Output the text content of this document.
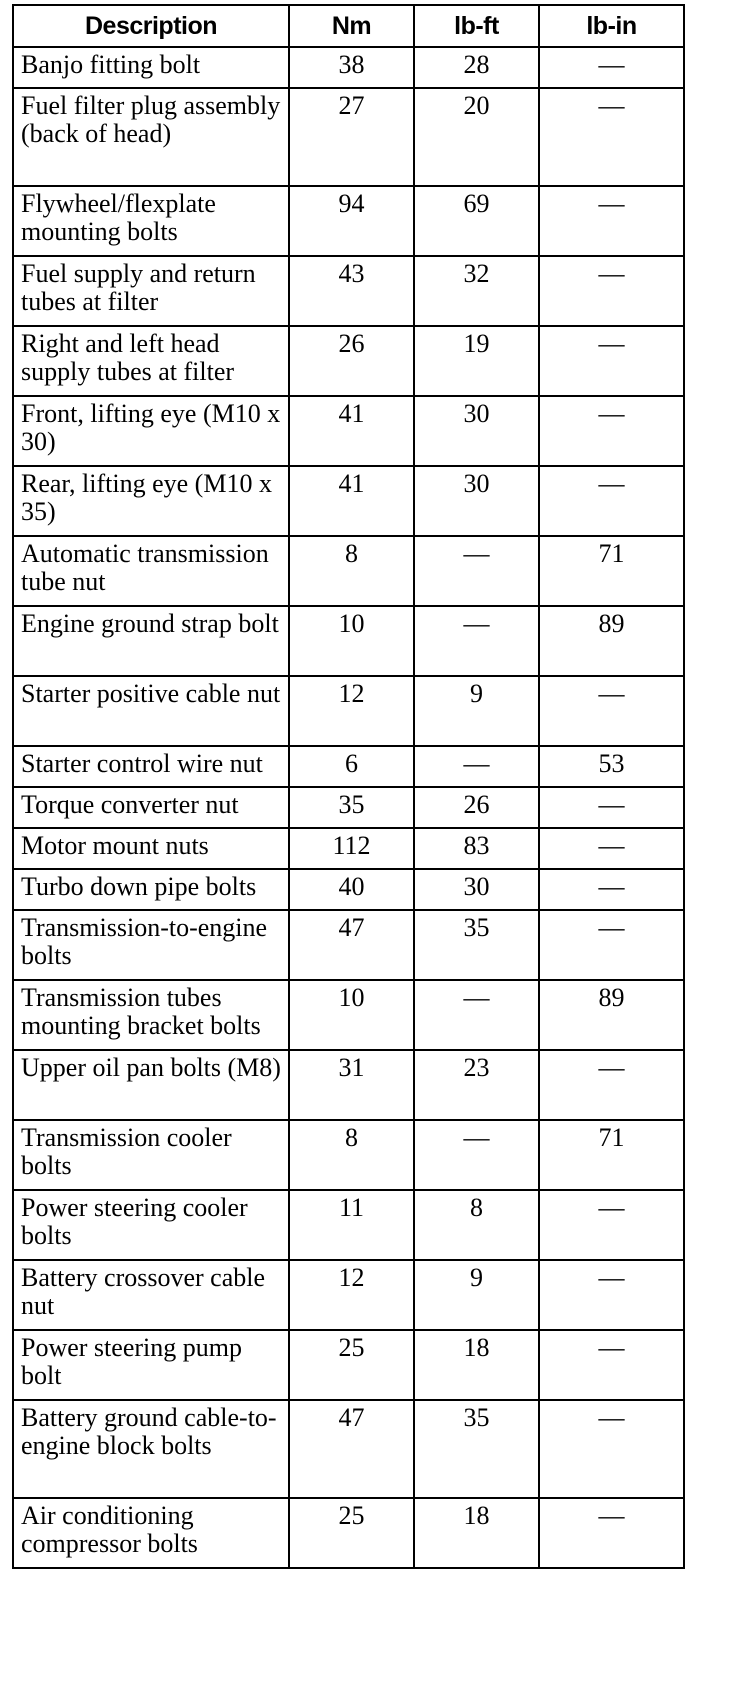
Description	Nm	lb-ft	lb-in
Banjo fitting bolt	38	28	—
Fuel filter plug assembly (back of head)	27	20	—
Flywheel/flexplate mounting bolts	94	69	—
Fuel supply and return tubes at filter	43	32	—
Right and left head supply tubes at filter	26	19	—
Front, lifting eye (M10 x 30)	41	30	—
Rear, lifting eye (M10 x 35)	41	30	—
Automatic transmission tube nut	8	—	71
Engine ground strap bolt	10	—	89
Starter positive cable nut	12	9	—
Starter control wire nut	6	—	53
Torque converter nut	35	26	—
Motor mount nuts	112	83	—
Turbo down pipe bolts	40	30	—
Transmission-to-engine bolts	47	35	—
Transmission tubes mounting bracket bolts	10	—	89
Upper oil pan bolts (M8)	31	23	—
Transmission cooler bolts	8	—	71
Power steering cooler bolts	11	8	—
Battery crossover cable nut	12	9	—
Power steering pump bolt	25	18	—
Battery ground cable-to-engine block bolts	47	35	—
Air conditioning compressor bolts	25	18	—
